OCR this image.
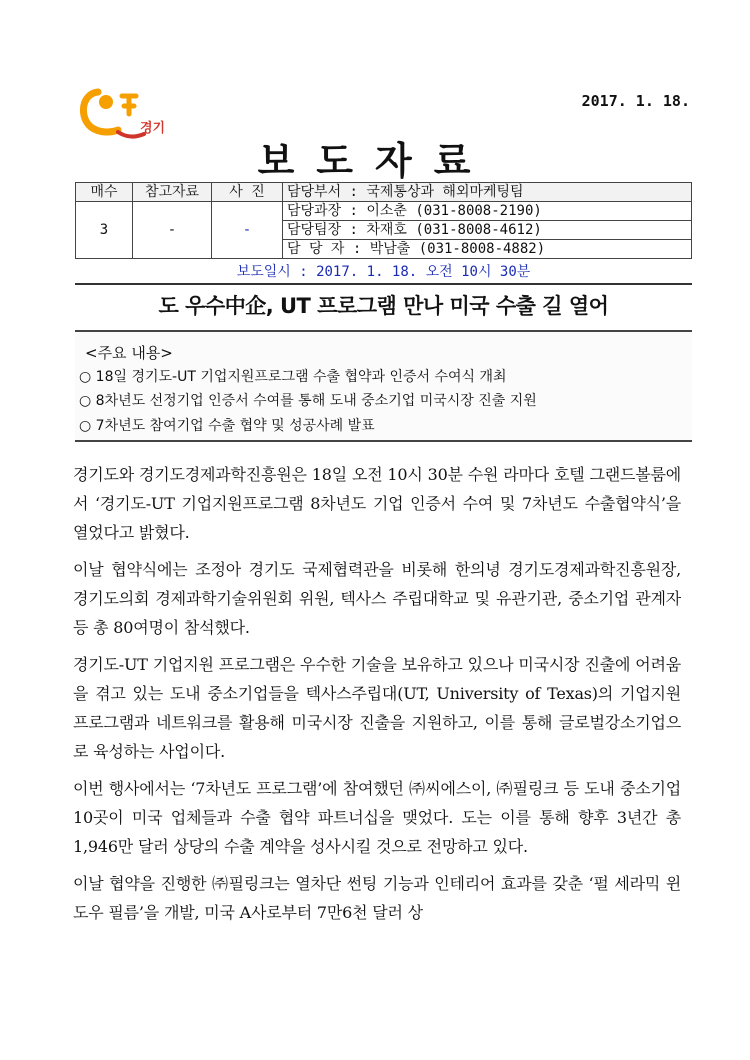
2017. 1. 18.
경기
보도자료
매수	참고자료	사 진	담당부서 : 국제통상과 해외마케팅팀
3	-	-	담당과장 : 이소춘 (031-8008-2190)
			담당팀장 : 차재호 (031-8008-4612)
			담 당 자 : 박남출 (031-8008-4882)
보도일시 : 2017. 1. 18. 오전 10시 30분
도 우수中企, UT 프로그램 만나 미국 수출 길 열어
<주요 내용>
○ 18일 경기도-UT 기업지원프로그램 수출 협약과 인증서 수여식 개최
○ 8차년도 선정기업 인증서 수여를 통해 도내 중소기업 미국시장 진출 지원
○ 7차년도 참여기업 수출 협약 및 성공사례 발표

경기도와 경기도경제과학진흥원은 18일 오전 10시 30분 수원 라마다 호텔 그랜드볼룸에서 ‘경기도-UT 기업지원프로그램 8차년도 기업 인증서 수여 및 7차년도 수출협약식’을 열었다고 밝혔다.

이날 협약식에는 조정아 경기도 국제협력관을 비롯해 한의녕 경기도경제과학진흥원장, 경기도의회 경제과학기술위원회 위원, 텍사스 주립대학교 및 유관기관, 중소기업 관계자 등 총 80여명이 참석했다.

경기도-UT 기업지원 프로그램은 우수한 기술을 보유하고 있으나 미국시장 진출에 어려움을 겪고 있는 도내 중소기업들을 텍사스주립대(UT, University of Texas)의 기업지원 프로그램과 네트워크를 활용해 미국시장 진출을 지원하고, 이를 통해 글로벌강소기업으로 육성하는 사업이다.

이번 행사에서는 ‘7차년도 프로그램’에 참여했던 ㈜씨에스이, ㈜필링크 등 도내 중소기업 10곳이 미국 업체들과 수출 협약 파트너십을 맺었다. 도는 이를 통해 향후 3년간 총 1,946만 달러 상당의 수출 계약을 성사시킬 것으로 전망하고 있다.

이날 협약을 진행한 ㈜필링크는 열차단 썬팅 기능과 인테리어 효과를 갖춘 ‘펄 세라믹 윈도우 필름’을 개발, 미국 A사로부터 7만6천 달러 상
